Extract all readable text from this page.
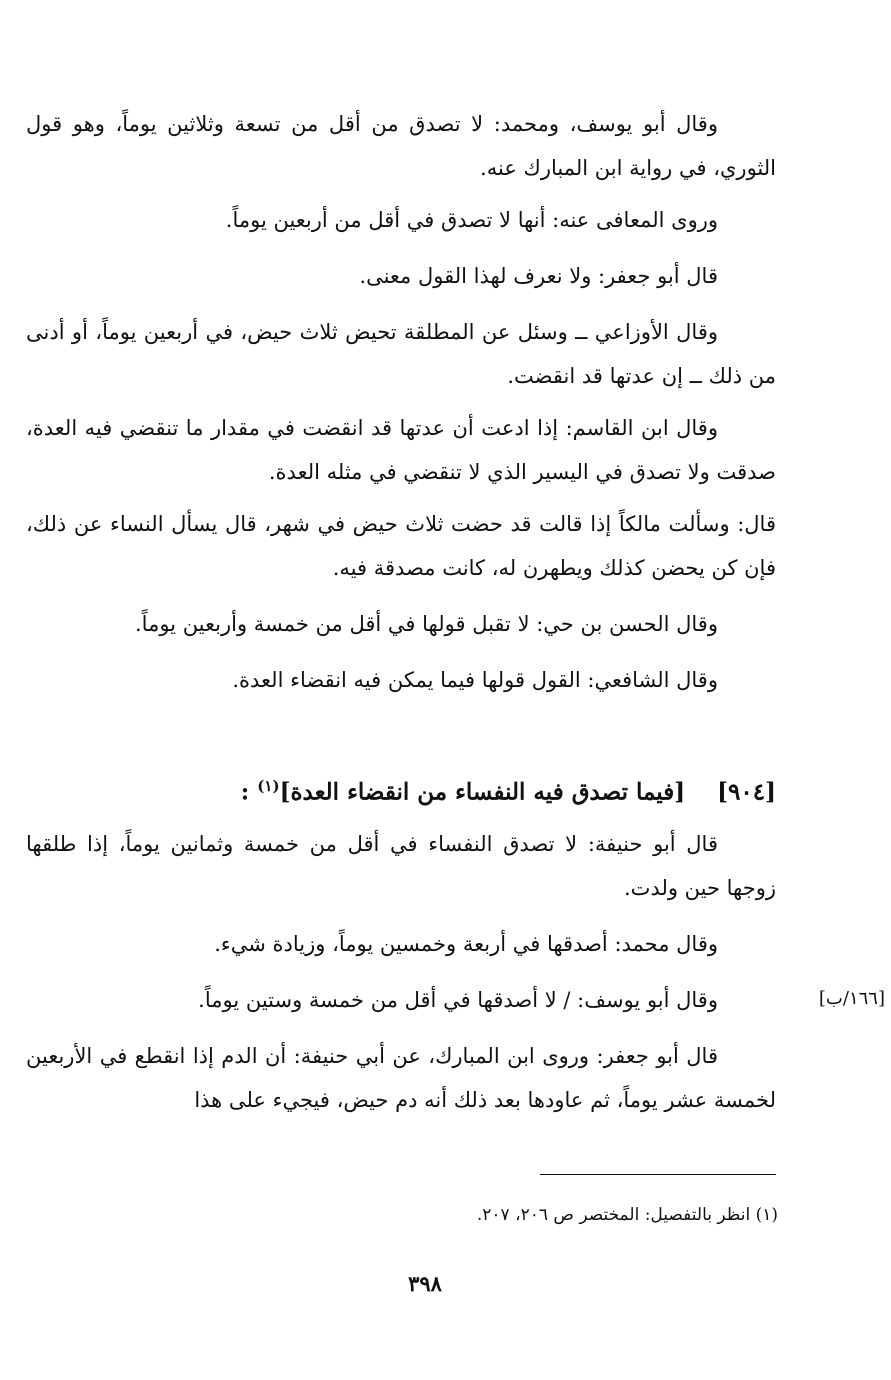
وقال أبو يوسف، ومحمد: لا تصدق من أقل من تسعة وثلاثين يوماً، وهو قول الثوري، في رواية ابن المبارك عنه.

وروى المعافى عنه: أنها لا تصدق في أقل من أربعين يوماً.

قال أبو جعفر: ولا نعرف لهذا القول معنى.

وقال الأوزاعي ــ وسئل عن المطلقة تحيض ثلاث حيض، في أربعين يوماً، أو أدنى من ذلك ــ إن عدتها قد انقضت.

وقال ابن القاسم: إذا ادعت أن عدتها قد انقضت في مقدار ما تنقضي فيه العدة، صدقت ولا تصدق في اليسير الذي لا تنقضي في مثله العدة.

قال: وسألت مالكاً إذا قالت قد حضت ثلاث حيض في شهر، قال يسأل النساء عن ذلك، فإن كن يحضن كذلك ويطهرن له، كانت مصدقة فيه.

وقال الحسن بن حي: لا تقبل قولها في أقل من خمسة وأربعين يوماً.

وقال الشافعي: القول قولها فيما يمكن فيه انقضاء العدة.

[٩٠٤]    [فيما تصدق فيه النفساء من انقضاء العدة]$^{(١)}$ :

قال أبو حنيفة: لا تصدق النفساء في أقل من خمسة وثمانين يوماً، إذا طلقها زوجها حين ولدت.

وقال محمد: أصدقها في أربعة وخمسين يوماً، وزيادة شيء.

وقال أبو يوسف: / لا أصدقها في أقل من خمسة وستين يوماً.

قال أبو جعفر: وروى ابن المبارك، عن أبي حنيفة: أن الدم إذا انقطع في الأربعين لخمسة عشر يوماً، ثم عاودها بعد ذلك أنه دم حيض، فيجيء على هذا

[١٦٦/ب]
(١) انظر بالتفصيل: المختصر ص ٢٠٦، ٢٠٧.
٣٩٨
